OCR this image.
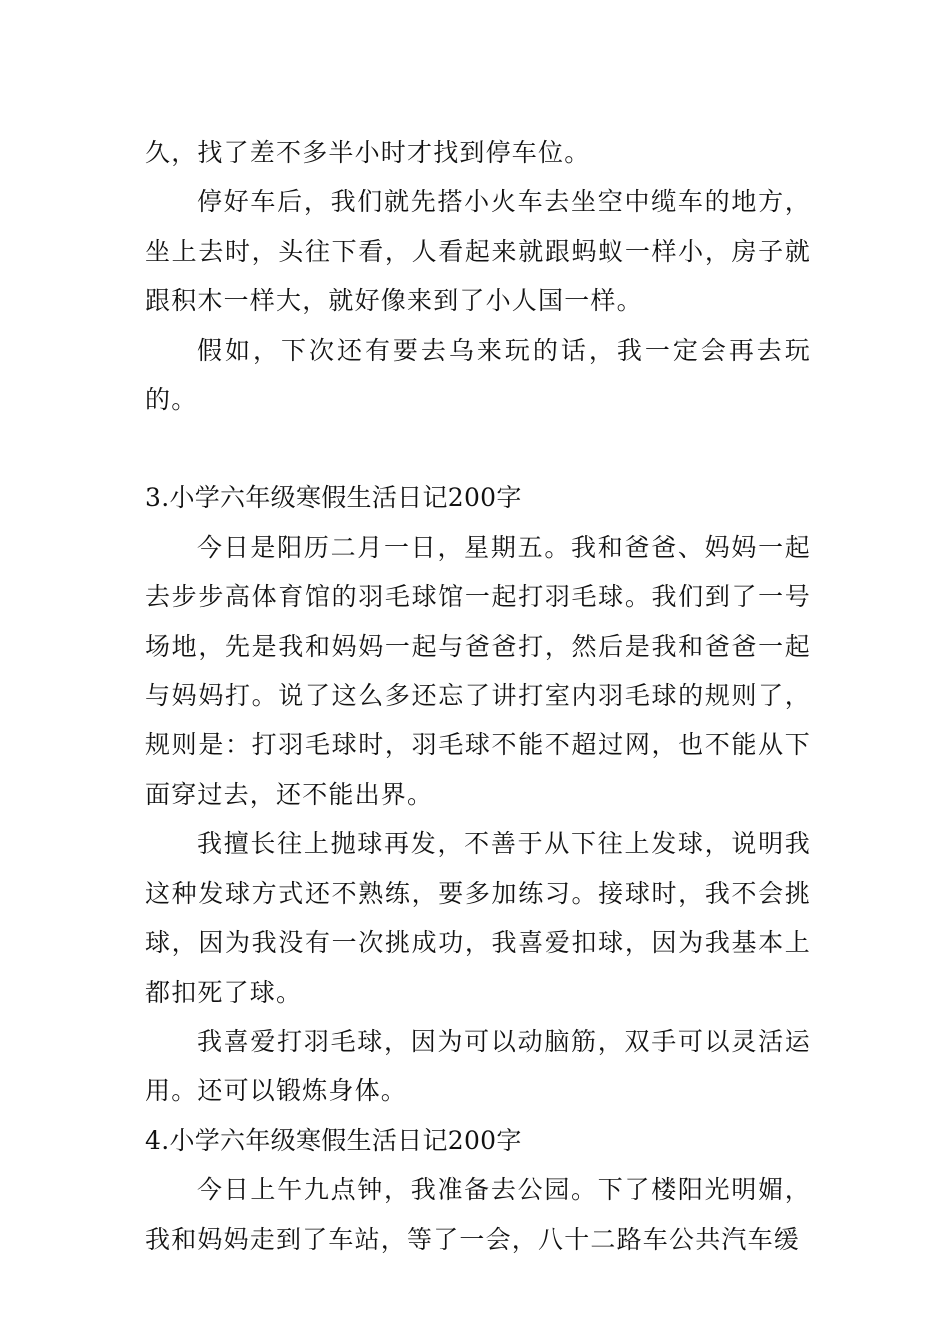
久，找了差不多半小时才找到停车位。

停好车后，我们就先搭小火车去坐空中缆车的地方，坐上去时，头往下看，人看起来就跟蚂蚁一样小，房子就跟积木一样大，就好像来到了小人国一样。

假如，下次还有要去乌来玩的话，我一定会再去玩的。

3.小学六年级寒假生活日记200字

今日是阳历二月一日，星期五。我和爸爸、妈妈一起去步步高体育馆的羽毛球馆一起打羽毛球。我们到了一号场地，先是我和妈妈一起与爸爸打，然后是我和爸爸一起与妈妈打。说了这么多还忘了讲打室内羽毛球的规则了，规则是：打羽毛球时，羽毛球不能不超过网，也不能从下面穿过去，还不能出界。

我擅长往上抛球再发，不善于从下往上发球，说明我这种发球方式还不熟练，要多加练习。接球时，我不会挑球，因为我没有一次挑成功，我喜爱扣球，因为我基本上都扣死了球。

我喜爱打羽毛球，因为可以动脑筋，双手可以灵活运用。还可以锻炼身体。

4.小学六年级寒假生活日记200字

今日上午九点钟，我准备去公园。下了楼阳光明媚，我和妈妈走到了车站，等了一会，八十二路车公共汽车缓
